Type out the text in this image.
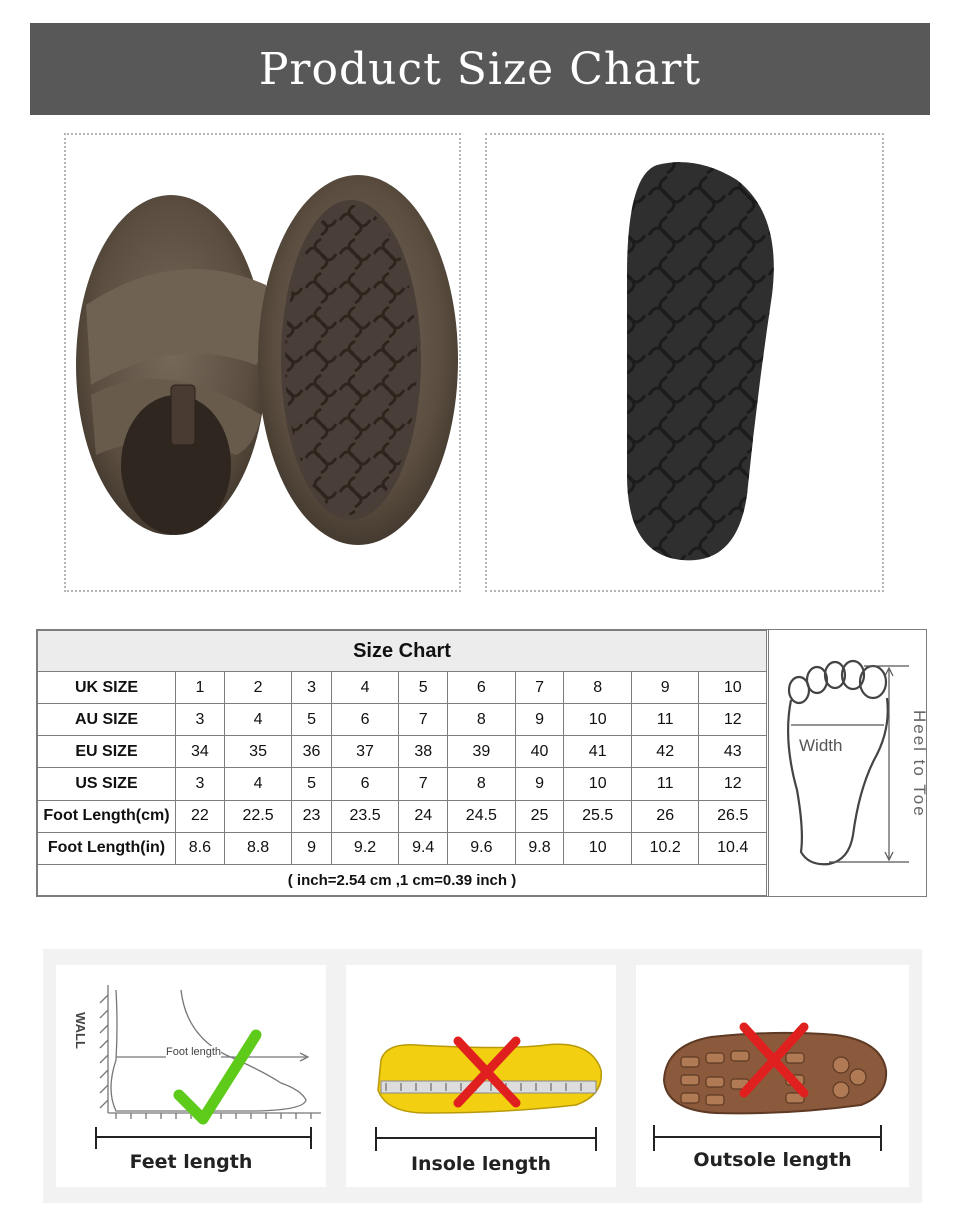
Product Size Chart
Size Chart										
UK SIZE	1	2	3	4	5	6	7	8	9	10
AU SIZE	3	4	5	6	7	8	9	10	11	12
EU SIZE	34	35	36	37	38	39	40	41	42	43
US SIZE	3	4	5	6	7	8	9	10	11	12
Foot Length(cm)	22	22.5	23	23.5	24	24.5	25	25.5	26	26.5
Foot Length(in)	8.6	8.8	9	9.2	9.4	9.6	9.8	10	10.2	10.4
( inch=2.54 cm ,1 cm=0.39 inch )										
Width	Heel to Toe
WALL
Foot length
Feet length	Insole length	Outsole length
